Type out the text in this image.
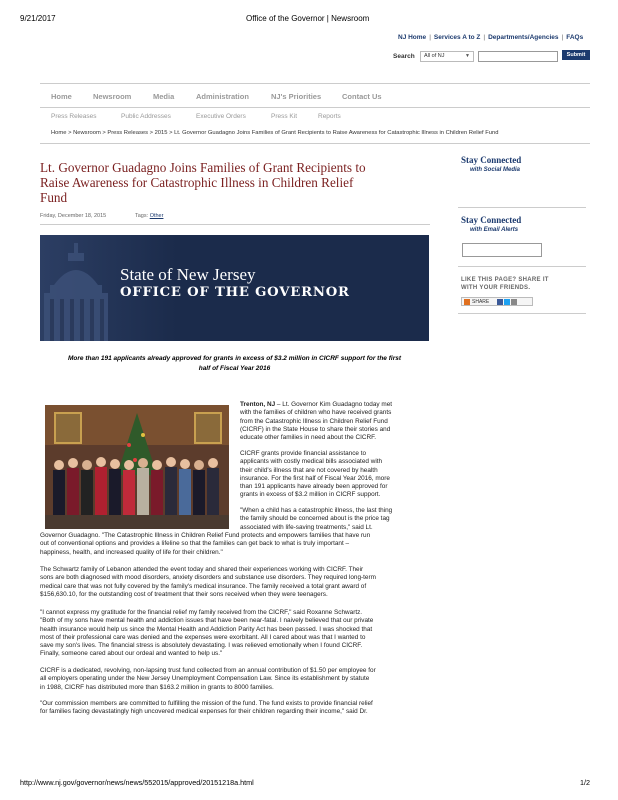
9/21/2017	Office of the Governor | Newsroom
NJ Home | Services A to Z | Departments/Agencies | FAQs
Search	All of NJ	▼	Submit
Home	Newsroom	Media	Administration	NJ's Priorities	Contact Us
Press Releases	Public Addresses	Executive Orders	Press Kit	Reports
Home > Newsroom > Press Releases > 2015 > Lt. Governor Guadagno Joins Families of Grant Recipients to Raise Awareness for Catastrophic Illness in Children Relief Fund
Lt. Governor Guadagno Joins Families of Grant Recipients to
Raise Awareness for Catastrophic Illness in Children Relief
Fund
Friday, December 18, 2015	Tags: Other
State of New Jersey
OFFICE OF THE GOVERNOR
More than 191 applicants already approved for grants in excess of $3.2 million in CICRF support for the first
half of Fiscal Year 2016
Trenton, NJ – Lt. Governor Kim Guadagno today met
with the families of children who have received grants
from the Catastrophic Illness in Children Relief Fund
(CICRF) in the State House to share their stories and
educate other families in need about the CICRF.
CICRF grants provide financial assistance to
applicants with costly medical bills associated with
their child's illness that are not covered by health
insurance. For the first half of Fiscal Year 2016, more
than 191 applicants have already been approved for
grants in excess of $3.2 million in CICRF support.
"When a child has a catastrophic illness, the last thing
the family should be concerned about is the price tag
associated with life-saving treatments," said Lt.
Governor Guadagno. "The Catastrophic Illness in Children Relief Fund protects and empowers families that have run
out of conventional options and provides a lifeline so that the families can get back to what is truly important –
happiness, health, and increased quality of life for their children."
The Schwartz family of Lebanon attended the event today and shared their experiences working with CICRF. Their
sons are both diagnosed with mood disorders, anxiety disorders and substance use disorders. They required long-term
medical care that was not fully covered by the family's medical insurance. The family received a total grant award of
$156,630.10, for the outstanding cost of treatment that their sons received when they were teenagers.
"I cannot express my gratitude for the financial relief my family received from the CICRF," said Roxanne Schwartz.
"Both of my sons have mental health and addiction issues that have been near-fatal. I naively believed that our private
health insurance would help us since the Mental Health and Addiction Parity Act has been passed. I was shocked that
most of their professional care was denied and the expenses were exorbitant. All I cared about was that I wanted to
save my son's lives. The financial stress is absolutely devastating. I was relieved emotionally when I found CICRF.
Finally, someone cared about our ordeal and wanted to help us."
CICRF is a dedicated, revolving, non-lapsing trust fund collected from an annual contribution of $1.50 per employee for
all employers operating under the New Jersey Unemployment Compensation Law. Since its establishment by statute
in 1988, CICRF has distributed more than $163.2 million in grants to 8000 families.
"Our commission members are committed to fulfilling the mission of the fund. The fund exists to provide financial relief
for families facing devastatingly high uncovered medical expenses for their children regarding their income," said Dr.
Stay Connected
with Social Media
Stay Connected
with Email Alerts
LIKE THIS PAGE? SHARE IT
WITH YOUR FRIENDS.
SHARE
http://www.nj.gov/governor/news/news/552015/approved/20151218a.html	1/2
